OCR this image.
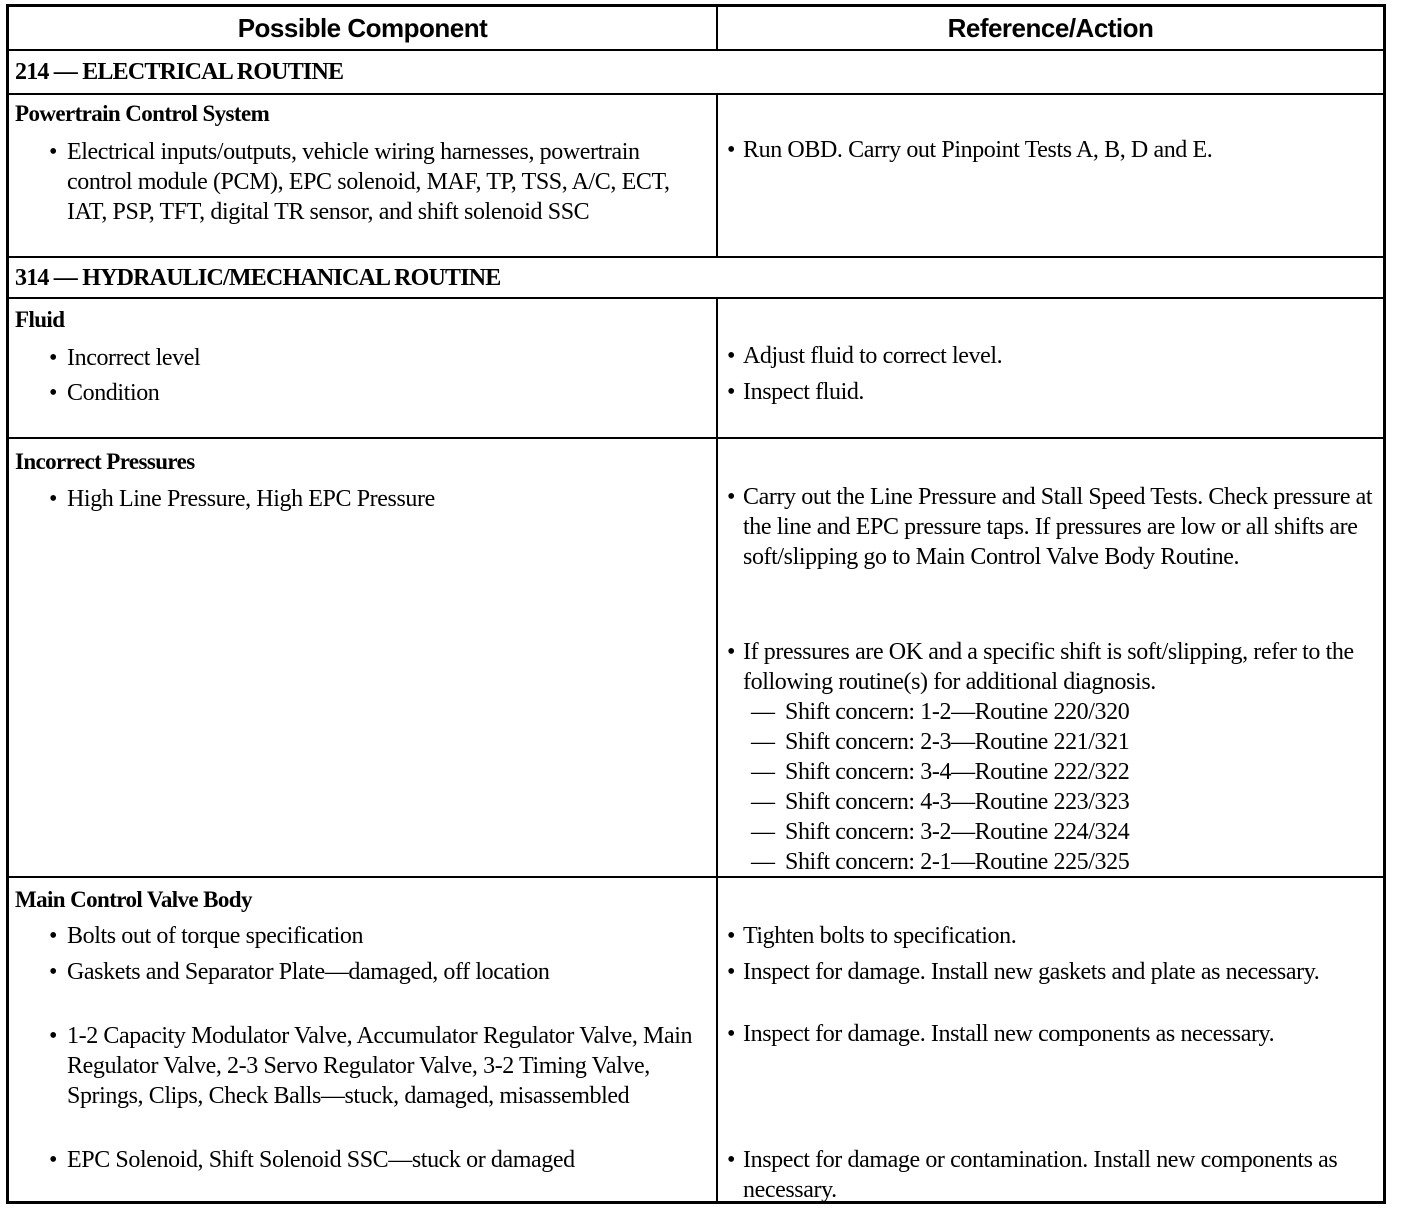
Possible Component	Reference/Action
214 — ELECTRICAL ROUTINE
Powertrain Control System
• Electrical inputs/outputs, vehicle wiring harnesses, powertrain control module (PCM), EPC solenoid, MAF, TP, TSS, A/C, ECT, IAT, PSP, TFT, digital TR sensor, and shift solenoid SSC
• Run OBD. Carry out Pinpoint Tests A, B, D and E.
314 — HYDRAULIC/MECHANICAL ROUTINE
Fluid
• Incorrect level
• Condition
• Adjust fluid to correct level.
• Inspect fluid.
Incorrect Pressures
• High Line Pressure, High EPC Pressure	• Carry out the Line Pressure and Stall Speed Tests. Check pressure at the line and EPC pressure taps. If pressures are low or all shifts are soft/slipping go to Main Control Valve Body Routine.
• If pressures are OK and a specific shift is soft/slipping, refer to the following routine(s) for additional diagnosis.
— Shift concern: 1-2—Routine 220/320
— Shift concern: 2-3—Routine 221/321
— Shift concern: 3-4—Routine 222/322
— Shift concern: 4-3—Routine 223/323
— Shift concern: 3-2—Routine 224/324
— Shift concern: 2-1—Routine 225/325
Main Control Valve Body
• Bolts out of torque specification
• Gaskets and Separator Plate—damaged, off location
• 1-2 Capacity Modulator Valve, Accumulator Regulator Valve, Main Regulator Valve, 2-3 Servo Regulator Valve, 3-2 Timing Valve, Springs, Clips, Check Balls—stuck, damaged, misassembled
• EPC Solenoid, Shift Solenoid SSC—stuck or damaged
• Tighten bolts to specification.
• Inspect for damage. Install new gaskets and plate as necessary.
• Inspect for damage. Install new components as necessary.
• Inspect for damage or contamination. Install new components as necessary.
